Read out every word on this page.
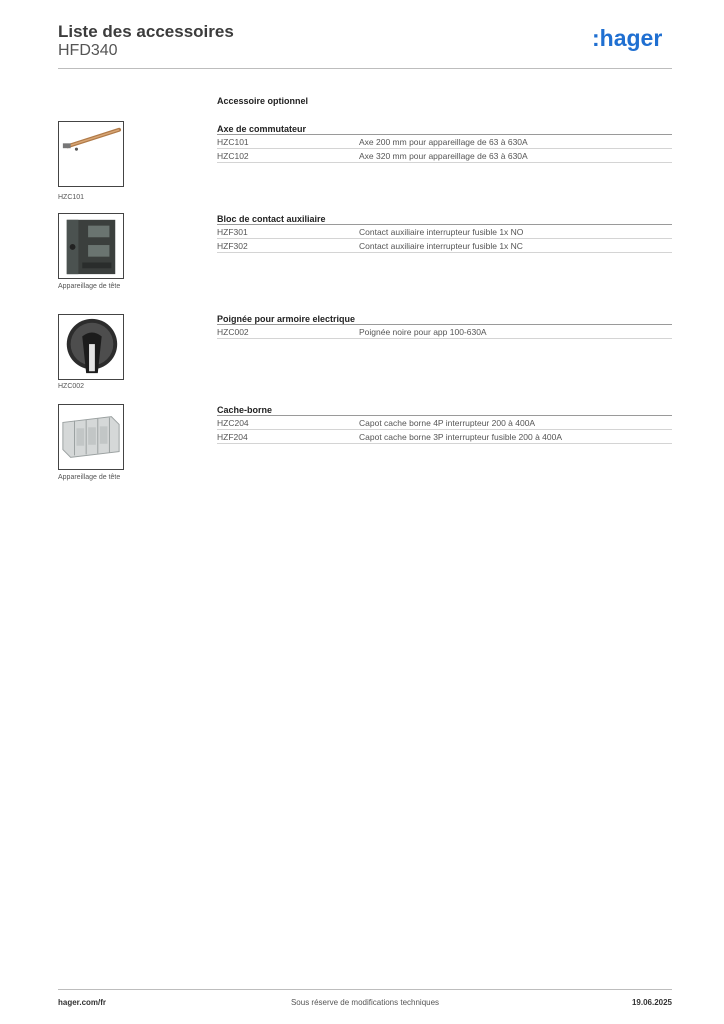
Liste des accessoires
HFD340	:hager
Accessoire optionnel
HZC101
Axe de commutateur
HZC101	Axe 200 mm pour appareillage de 63 à 630A
HZC102	Axe 320 mm pour appareillage de 63 à 630A
Appareillage de tête
Bloc de contact auxiliaire
HZF301	Contact auxiliaire interrupteur fusible 1x NO
HZF302	Contact auxiliaire interrupteur fusible 1x NC
HZC002
Poignée pour armoire electrique
HZC002	Poignée noire pour app 100-630A
Appareillage de tête
Cache-borne
HZC204	Capot cache borne 4P interrupteur 200 à 400A
HZF204	Capot cache borne 3P interrupteur fusible 200 à 400A
hager.com/fr	Sous réserve de modifications techniques	19.06.2025
